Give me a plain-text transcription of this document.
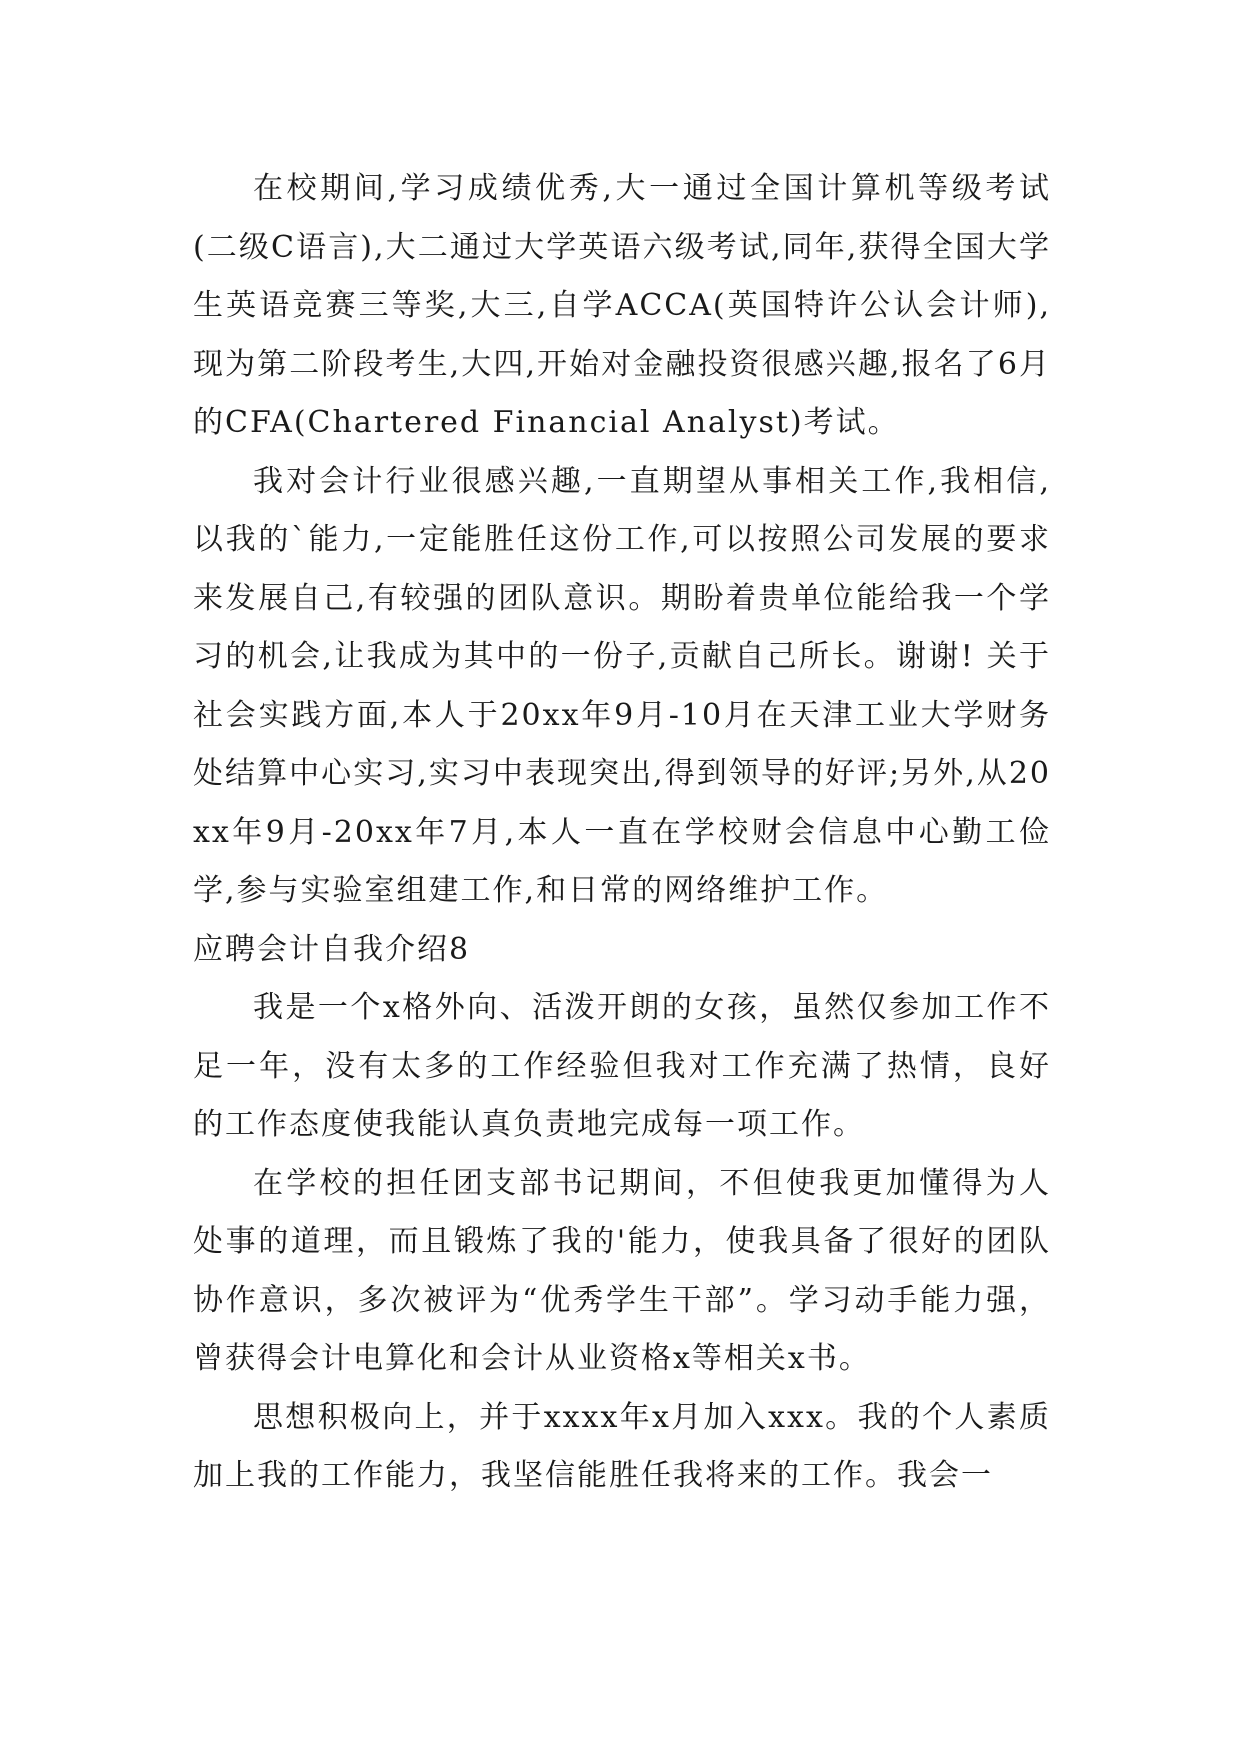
在校期间,学习成绩优秀,大一通过全国计算机等级考试(二级C语言),大二通过大学英语六级考试,同年,获得全国大学生英语竞赛三等奖,大三,自学ACCA(英国特许公认会计师),现为第二阶段考生,大四,开始对金融投资很感兴趣,报名了6月的CFA(Chartered Financial Analyst)考试。

我对会计行业很感兴趣,一直期望从事相关工作,我相信,以我的`能力,一定能胜任这份工作,可以按照公司发展的要求来发展自己,有较强的团队意识。期盼着贵单位能给我一个学习的机会,让我成为其中的一份子,贡献自己所长。谢谢! 关于社会实践方面,本人于20xx年9月-10月在天津工业大学财务处结算中心实习,实习中表现突出,得到领导的好评;另外,从20xx年9月-20xx年7月,本人一直在学校财会信息中心勤工俭学,参与实验室组建工作,和日常的网络维护工作。

应聘会计自我介绍8

我是一个x格外向、活泼开朗的女孩，虽然仅参加工作不足一年，没有太多的工作经验但我对工作充满了热情，良好的工作态度使我能认真负责地完成每一项工作。

在学校的担任团支部书记期间，不但使我更加懂得为人处事的道理，而且锻炼了我的'能力，使我具备了很好的团队协作意识，多次被评为“优秀学生干部”。学习动手能力强，曾获得会计电算化和会计从业资格x等相关x书。

思想积极向上，并于xxxx年x月加入xxx。我的个人素质加上我的工作能力，我坚信能胜任我将来的工作。我会一
